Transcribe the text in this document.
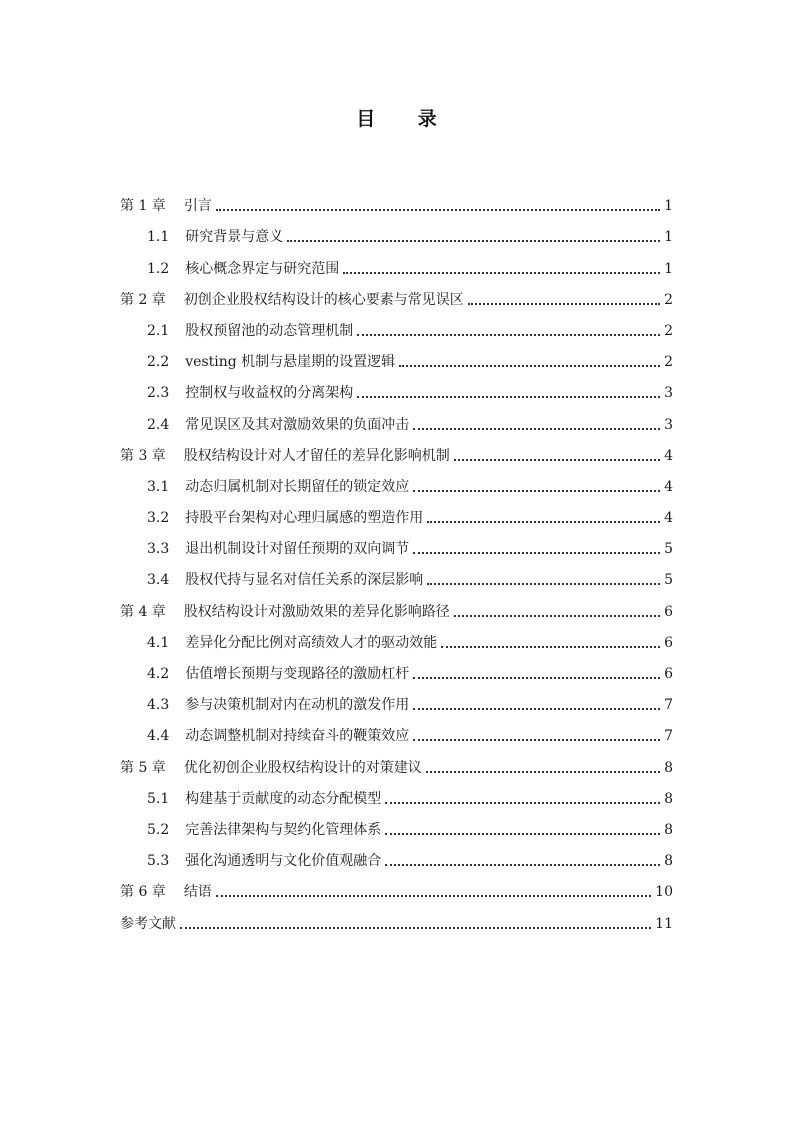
目 录
第 1 章 引言	1
1.1 研究背景与意义	1
1.2 核心概念界定与研究范围	1
第 2 章 初创企业股权结构设计的核心要素与常见误区	2
2.1 股权预留池的动态管理机制	2
2.2 vesting 机制与悬崖期的设置逻辑	2
2.3 控制权与收益权的分离架构	3
2.4 常见误区及其对激励效果的负面冲击	3
第 3 章 股权结构设计对人才留任的差异化影响机制	4
3.1 动态归属机制对长期留任的锁定效应	4
3.2 持股平台架构对心理归属感的塑造作用	4
3.3 退出机制设计对留任预期的双向调节	5
3.4 股权代持与显名对信任关系的深层影响	5
第 4 章 股权结构设计对激励效果的差异化影响路径	6
4.1 差异化分配比例对高绩效人才的驱动效能	6
4.2 估值增长预期与变现路径的激励杠杆	6
4.3 参与决策机制对内在动机的激发作用	7
4.4 动态调整机制对持续奋斗的鞭策效应	7
第 5 章 优化初创企业股权结构设计的对策建议	8
5.1 构建基于贡献度的动态分配模型	8
5.2 完善法律架构与契约化管理体系	8
5.3 强化沟通透明与文化价值观融合	8
第 6 章 结语	10
参考文献	11
